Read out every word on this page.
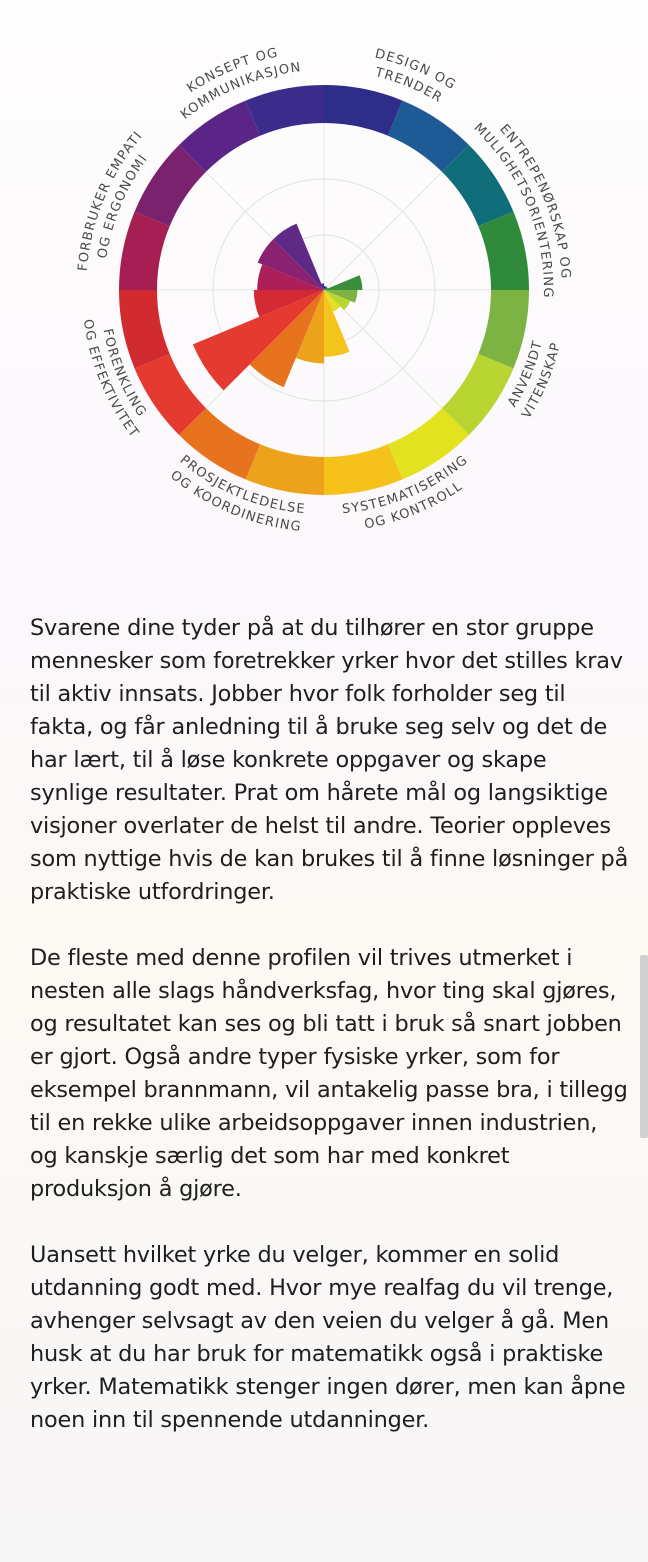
DESIGN OG
TRENDER
ENTREPENØRSKAP OG
MULIGHETSORIENTERING
ANVENDT
VITENSKAP
SYSTEMATISERING
OG KONTROLL
PROSJEKTLEDELSE
OG KOORDINERING
FORENKLING
OG EFFEKTIVITET
FORBRUKER EMPATI
OG ERGONOMI
KONSEPT OG
KOMMUNIKASJON

Svarene dine tyder på at du tilhører en stor gruppe mennesker som foretrekker yrker hvor det stilles krav til aktiv innsats. Jobber hvor folk forholder seg til fakta, og får anledning til å bruke seg selv og det de har lært, til å løse konkrete oppgaver og skape synlige resultater. Prat om hårete mål og langsiktige visjoner overlater de helst til andre. Teorier oppleves som nyttige hvis de kan brukes til å finne løsninger på praktiske utfordringer.

De fleste med denne profilen vil trives utmerket i nesten alle slags håndverksfag, hvor ting skal gjøres, og resultatet kan ses og bli tatt i bruk så snart jobben er gjort. Også andre typer fysiske yrker, som for eksempel brannmann, vil antakelig passe bra, i tillegg til en rekke ulike arbeidsoppgaver innen industrien, og kanskje særlig det som har med konkret produksjon å gjøre.

Uansett hvilket yrke du velger, kommer en solid utdanning godt med. Hvor mye realfag du vil trenge, avhenger selvsagt av den veien du velger å gå. Men husk at du har bruk for matematikk også i praktiske yrker. Matematikk stenger ingen dører, men kan åpne noen inn til spennende utdanninger.
